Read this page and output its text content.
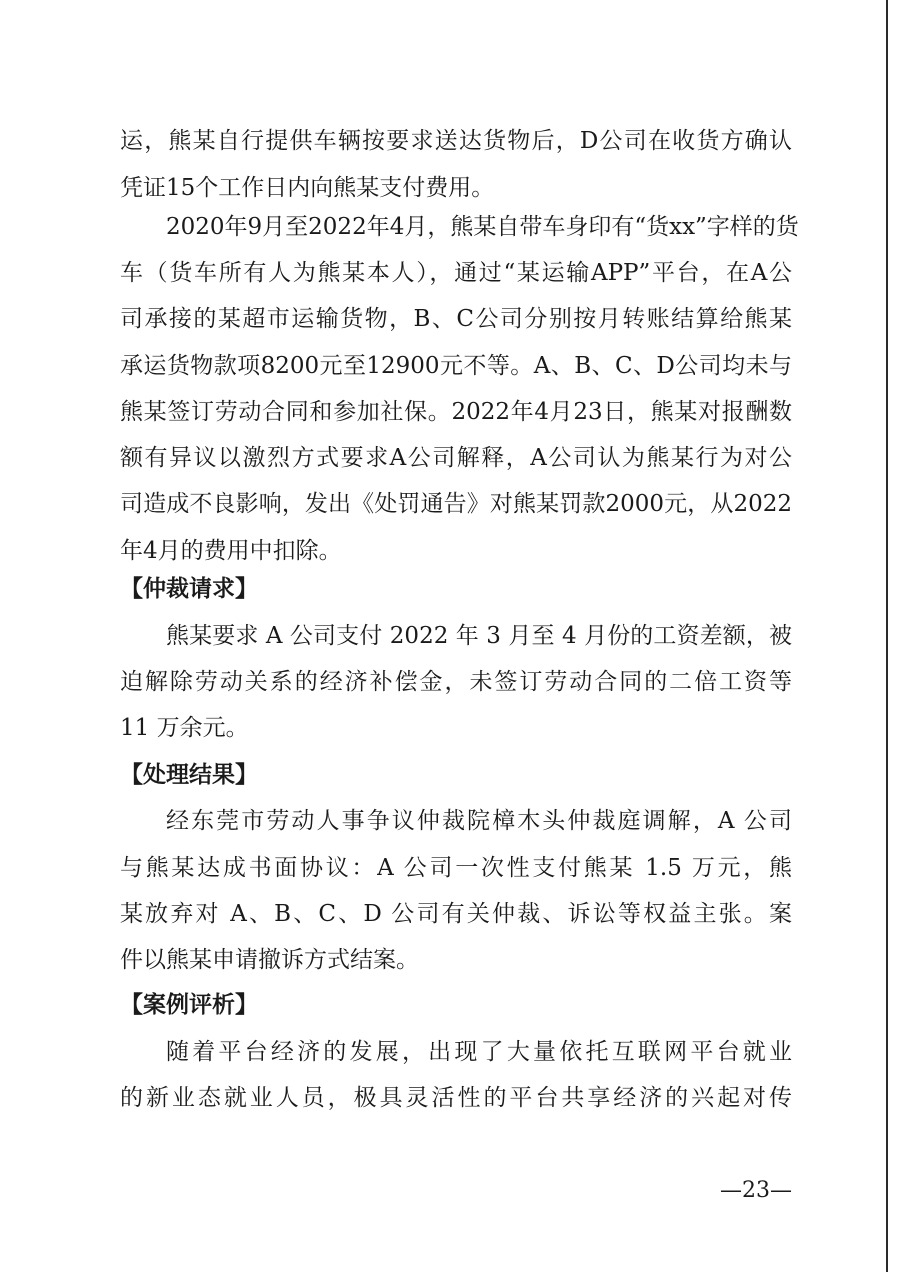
运，熊某自行提供车辆按要求送达货物后，D公司在收货方确认
凭证15个工作日内向熊某支付费用。
2020年9月至2022年4月，熊某自带车身印有“货xx”字样的货
车（货车所有人为熊某本人），通过“某运输APP”平台，在A公
司承接的某超市运输货物，B、C公司分别按月转账结算给熊某
承运货物款项8200元至12900元不等。A、B、C、D公司均未与
熊某签订劳动合同和参加社保。2022年4月23日，熊某对报酬数
额有异议以激烈方式要求A公司解释，A公司认为熊某行为对公
司造成不良影响，发出《处罚通告》对熊某罚款2000元，从2022
年4月的费用中扣除。
【仲裁请求】
熊某要求 A 公司支付 2022 年 3 月至 4 月份的工资差额，被
迫解除劳动关系的经济补偿金，未签订劳动合同的二倍工资等
11 万余元。
【处理结果】
经东莞市劳动人事争议仲裁院樟木头仲裁庭调解，A 公司
与熊某达成书面协议：A 公司一次性支付熊某 1.5 万元，熊
某放弃对 A、B、C、D 公司有关仲裁、诉讼等权益主张。案
件以熊某申请撤诉方式结案。
【案例评析】
随着平台经济的发展，出现了大量依托互联网平台就业
的新业态就业人员，极具灵活性的平台共享经济的兴起对传
—23—
